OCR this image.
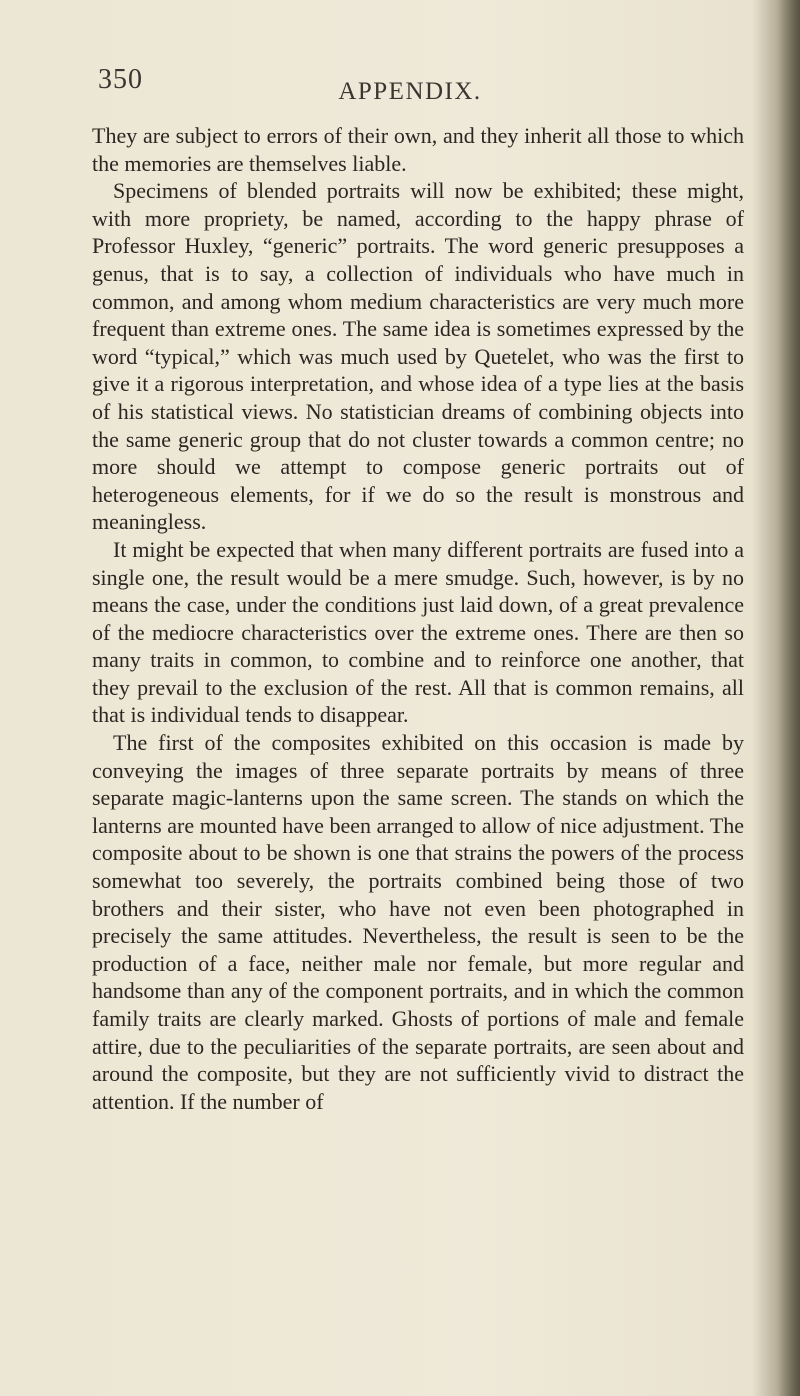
350	APPENDIX.

They are subject to errors of their own, and they inherit all those to which the memories are themselves liable.

Specimens of blended portraits will now be exhibited; these might, with more propriety, be named, according to the happy phrase of Professor Huxley, “generic” portraits. The word generic presupposes a genus, that is to say, a collection of individuals who have much in common, and among whom medium characteristics are very much more frequent than extreme ones. The same idea is sometimes expressed by the word “typical,” which was much used by Quetelet, who was the first to give it a rigorous interpretation, and whose idea of a type lies at the basis of his statistical views. No statistician dreams of combining objects into the same generic group that do not cluster towards a common centre; no more should we attempt to compose generic portraits out of heterogeneous elements, for if we do so the result is monstrous and meaningless.

It might be expected that when many different portraits are fused into a single one, the result would be a mere smudge. Such, however, is by no means the case, under the conditions just laid down, of a great prevalence of the mediocre characteristics over the extreme ones. There are then so many traits in common, to combine and to reinforce one another, that they prevail to the exclusion of the rest. All that is common remains, all that is individual tends to disappear.

The first of the composites exhibited on this occasion is made by conveying the images of three separate portraits by means of three separate magic-lanterns upon the same screen. The stands on which the lanterns are mounted have been arranged to allow of nice adjustment. The composite about to be shown is one that strains the powers of the process somewhat too severely, the portraits combined being those of two brothers and their sister, who have not even been photographed in precisely the same attitudes. Nevertheless, the result is seen to be the production of a face, neither male nor female, but more regular and handsome than any of the component portraits, and in which the common family traits are clearly marked. Ghosts of portions of male and female attire, due to the peculiarities of the separate portraits, are seen about and around the composite, but they are not sufficiently vivid to distract the attention. If the number of
